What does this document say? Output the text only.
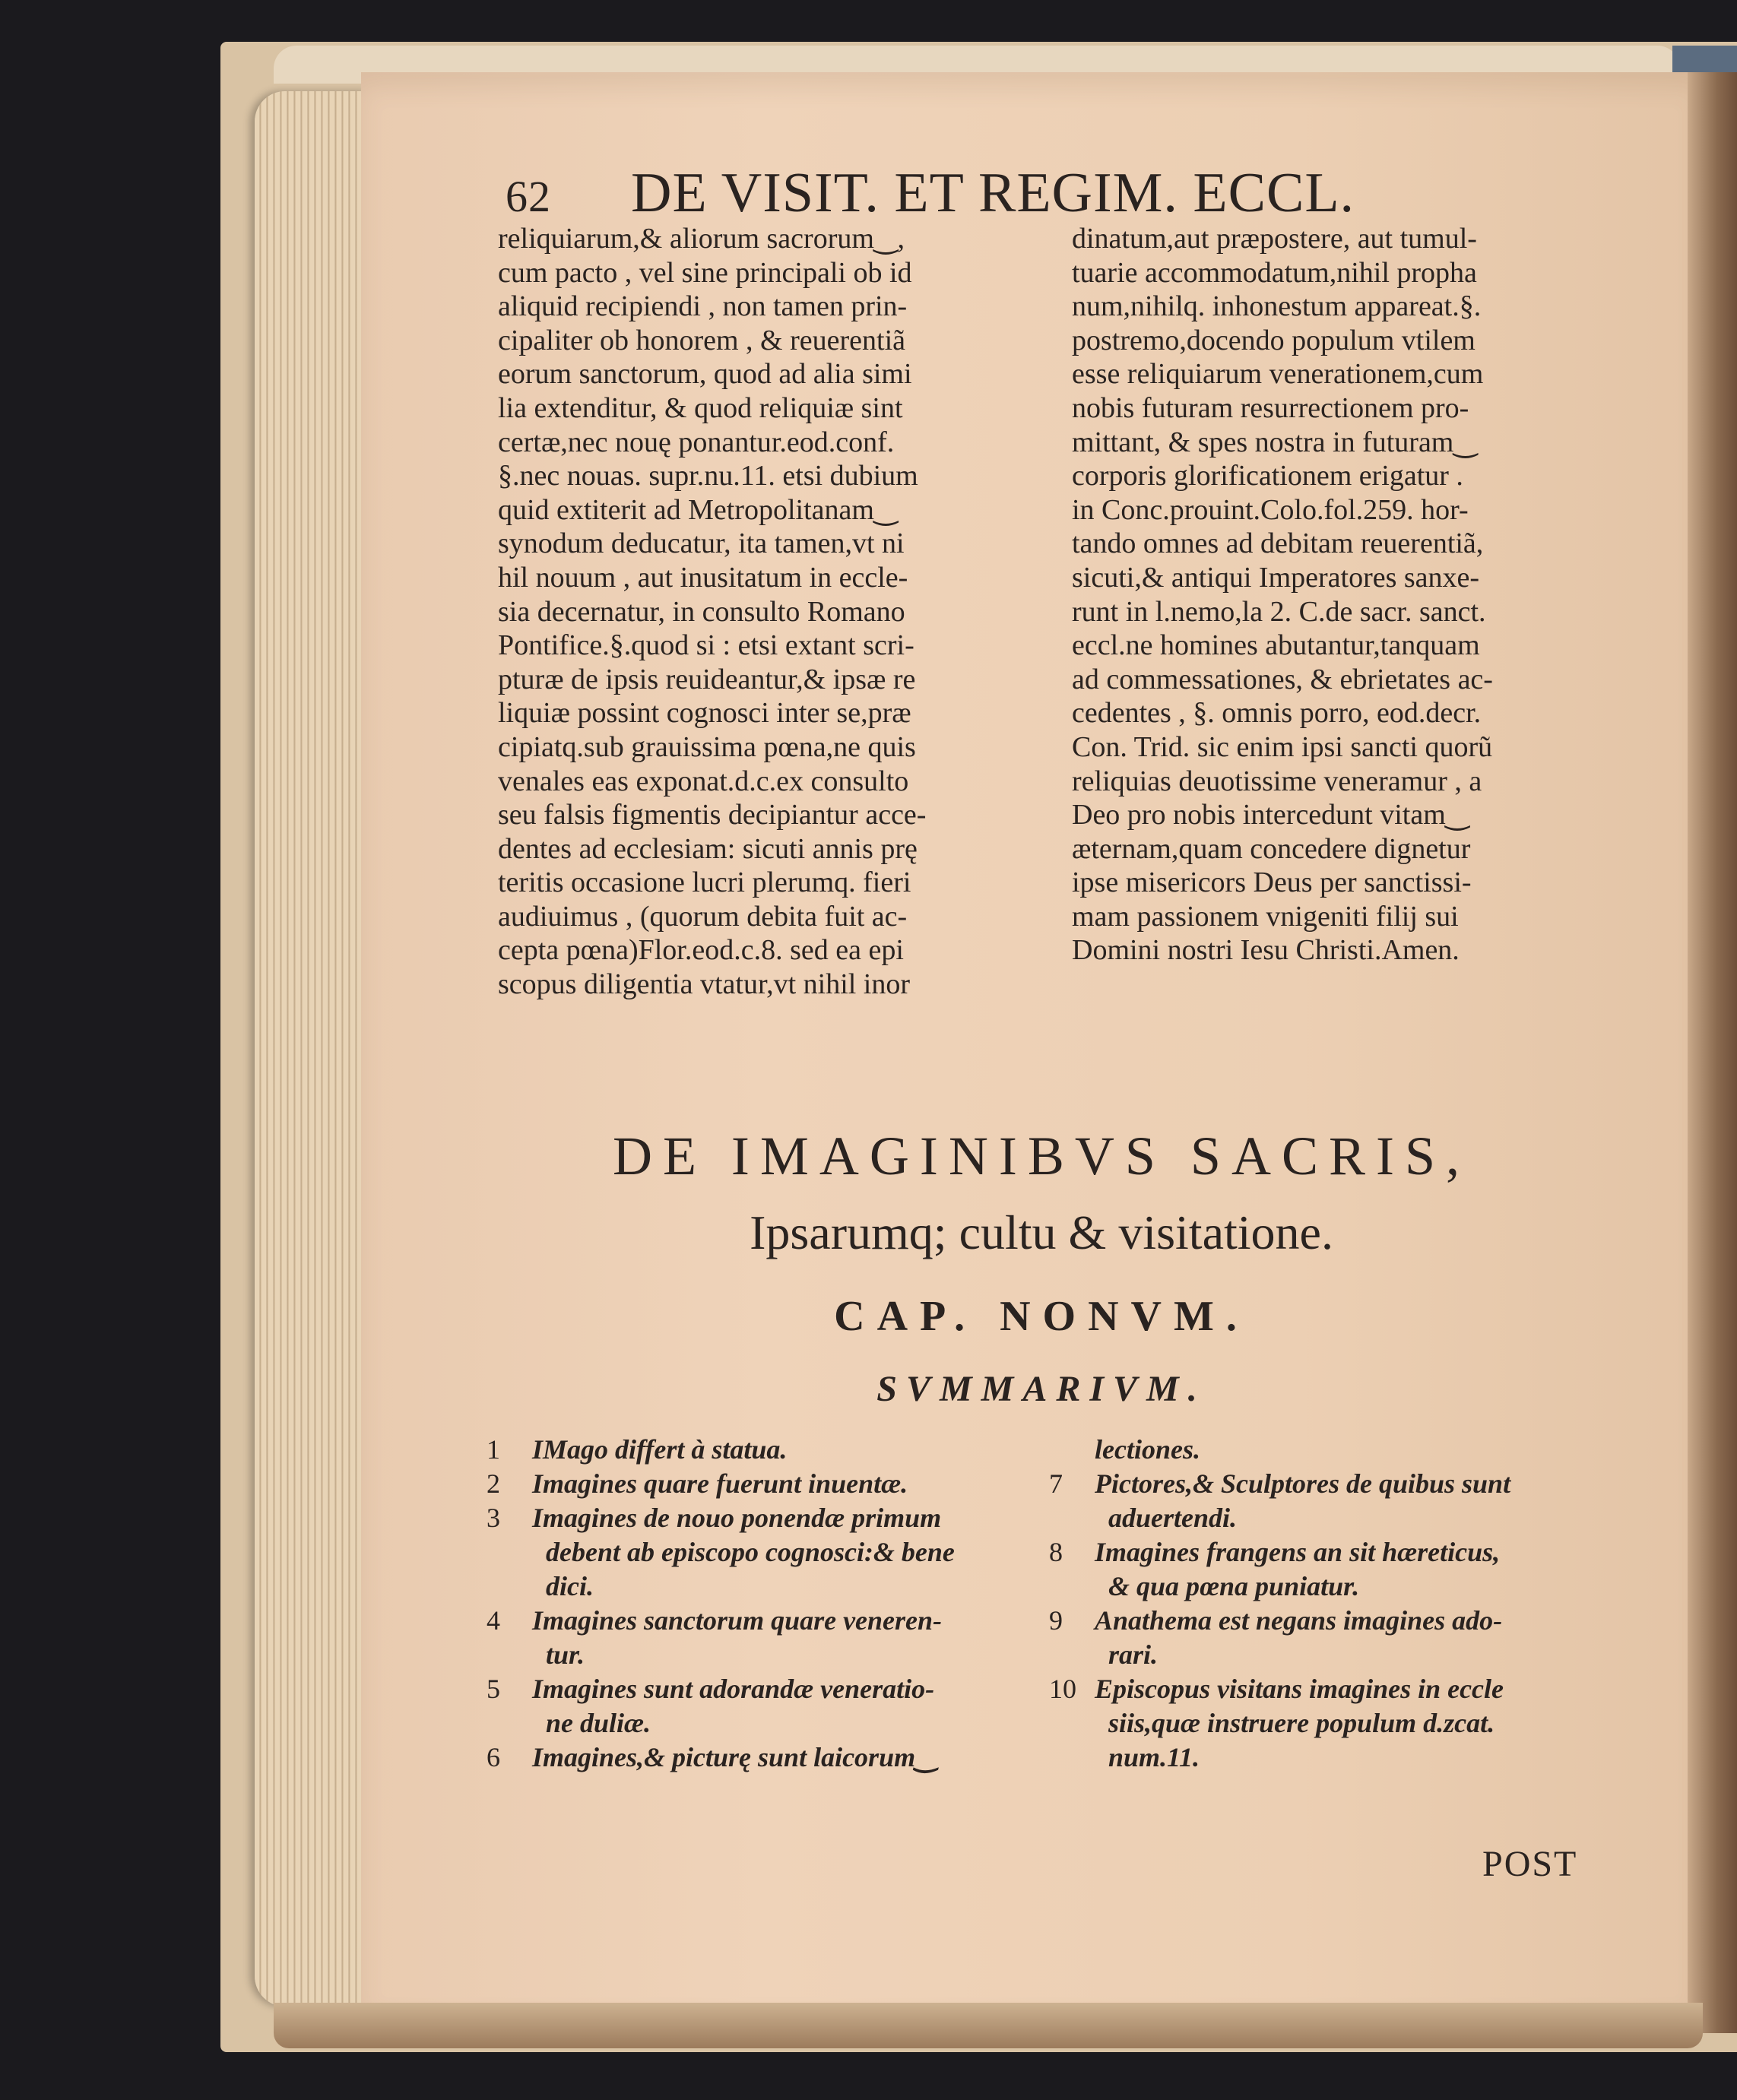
62	DE VISIT. ET REGIM. ECCL.
reliquiarum,& aliorum sacrorum‿,
cum pacto , vel sine principali ob id
aliquid recipiendi , non tamen prin-
cipaliter ob honorem , & reuerentiã
eorum sanctorum, quod ad alia simi
lia extenditur, & quod reliquiæ sint
certæ,nec nouę ponantur.eod.conf.
§.nec nouas. supr.nu.11. etsi dubium
quid extiterit ad Metropolitanam‿
synodum deducatur, ita tamen,vt ni
hil nouum , aut inusitatum in eccle-
sia decernatur, in consulto Romano
Pontifice.§.quod si : etsi extant scri-
pturæ de ipsis reuideantur,& ipsæ re
liquiæ possint cognosci inter se,præ
cipiatq.sub grauissima pœna,ne quis
venales eas exponat.d.c.ex consulto
seu falsis figmentis decipiantur acce-
dentes ad ecclesiam: sicuti annis prę
teritis occasione lucri plerumq. fieri
audiuimus , (quorum debita fuit ac-
cepta pœna)Flor.eod.c.8. sed ea epi
scopus diligentia vtatur,vt nihil inor
dinatum,aut præpostere, aut tumul-
tuarie accommodatum,nihil propha
num,nihilq. inhonestum appareat.§.
postremo,docendo populum vtilem
esse reliquiarum venerationem,cum
nobis futuram resurrectionem pro-
mittant, & spes nostra in futuram‿
corporis glorificationem erigatur .
in Conc.prouint.Colo.fol.259. hor-
tando omnes ad debitam reuerentiã,
sicuti,& antiqui Imperatores sanxe-
runt in l.nemo,la 2. C.de sacr. sanct.
eccl.ne homines abutantur,tanquam
ad commessationes, & ebrietates ac-
cedentes , §. omnis porro, eod.decr.
Con. Trid. sic enim ipsi sancti quorũ
reliquias deuotissime veneramur , a
Deo pro nobis intercedunt vitam‿
æternam,quam concedere dignetur
ipse misericors Deus per sanctissi-
mam passionem vnigeniti filij sui
Domini nostri Iesu Christi.Amen.
DE IMAGINIBVS SACRIS,
Ipsarumq; cultu & visitatione.
CAP. NONVM.
SVMMARIVM.
1	IMago differt à statua.
2	Imagines quare fuerunt inuentæ.
3	Imagines de nouo ponendæ primum
debent ab episcopo cognosci:& bene
dici.
4	Imagines sanctorum quare veneren-
tur.
5	Imagines sunt adorandæ veneratio-
ne duliæ.
6	Imagines,& picturę sunt laicorum‿
lectiones.
7	Pictores,& Sculptores de quibus sunt
aduertendi.
8	Imagines frangens an sit hæreticus,
& qua pœna puniatur.
9	Anathema est negans imagines ado-
rari.
10 Episcopus visitans imagines in eccle
siis,quæ instruere populum d.zcat.
num.11.
POST
